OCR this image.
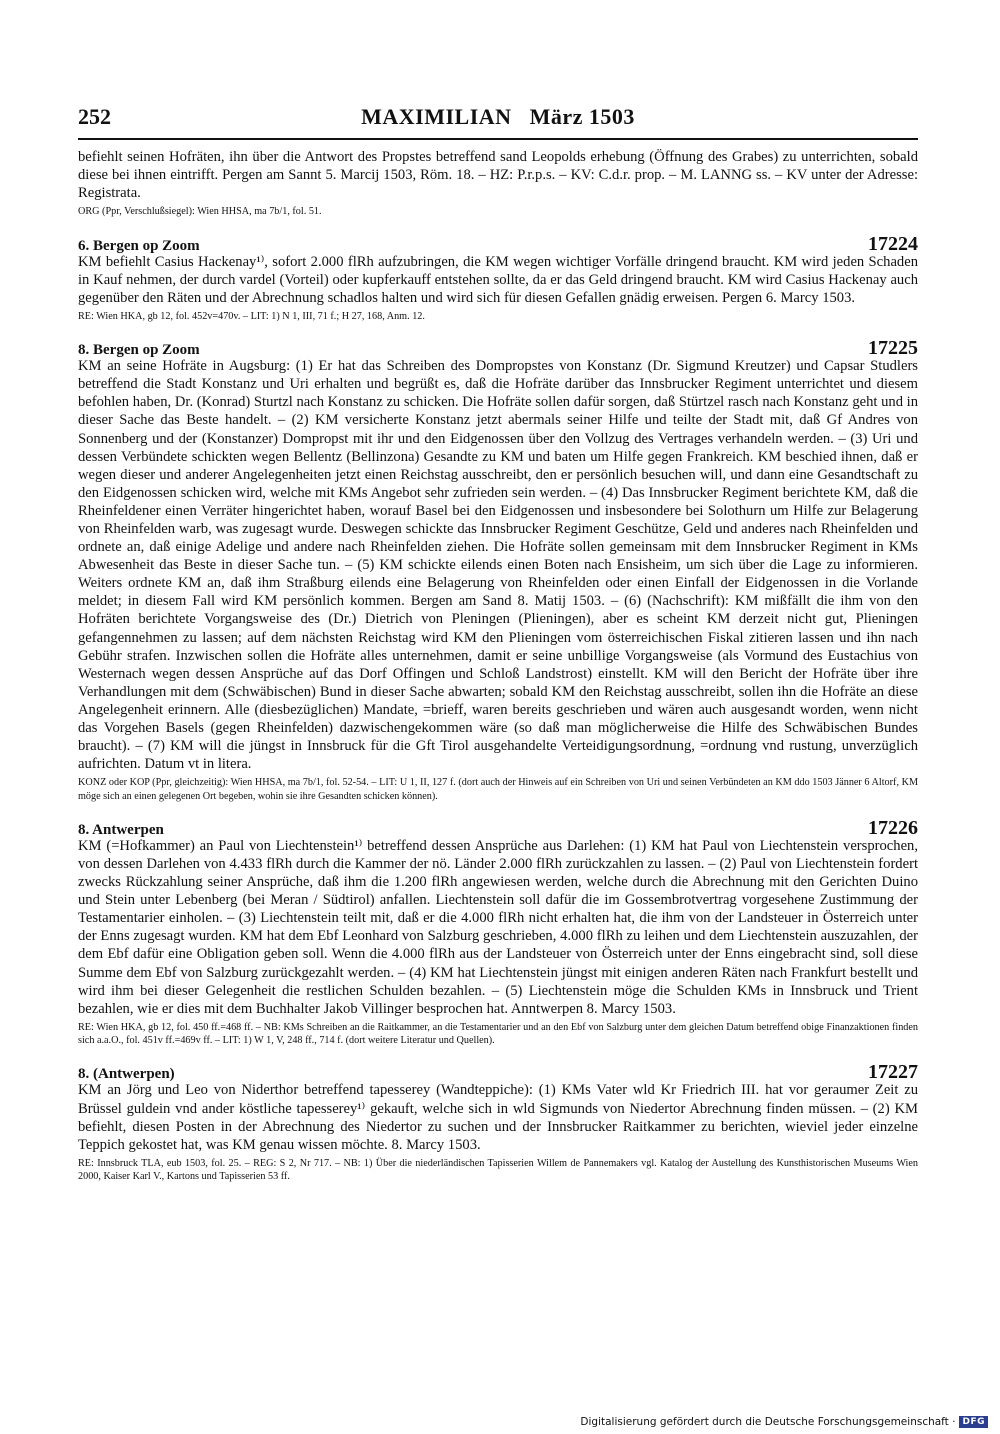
252	MAXIMILIAN   März 1503

befiehlt seinen Hofräten, ihn über die Antwort des Propstes betreffend sand Leopolds erhebung (Öffnung des Grabes) zu unterrichten, sobald diese bei ihnen eintrifft. Pergen am Sannt 5. Marcij 1503, Röm. 18. – HZ: P.r.p.s. – KV: C.d.r. prop. – M. LANNG ss. – KV unter der Adresse: Registrata.

ORG (Ppr, Verschlußsiegel): Wien HHSA, ma 7b/1, fol. 51.

6. Bergen op Zoom	17224

KM befiehlt Casius Hackenay¹⁾, sofort 2.000 flRh aufzubringen, die KM wegen wichtiger Vorfälle dringend braucht. KM wird jeden Schaden in Kauf nehmen, der durch vardel (Vorteil) oder kupferkauff entstehen sollte, da er das Geld dringend braucht. KM wird Casius Hackenay auch gegenüber den Räten und der Abrechnung schadlos halten und wird sich für diesen Gefallen gnädig erweisen. Pergen 6. Marcy 1503.

RE: Wien HKA, gb 12, fol. 452v=470v. – LIT: 1) N 1, III, 71 f.; H 27, 168, Anm. 12.

8. Bergen op Zoom	17225

KM an seine Hofräte in Augsburg: (1) Er hat das Schreiben des Dompropstes von Konstanz (Dr. Sigmund Kreutzer) und Capsar Studlers betreffend die Stadt Konstanz und Uri erhalten und begrüßt es, daß die Hofräte darüber das Innsbrucker Regiment unterrichtet und diesem befohlen haben, Dr. (Konrad) Sturtzl nach Konstanz zu schicken. Die Hofräte sollen dafür sorgen, daß Stürtzel rasch nach Konstanz geht und in dieser Sache das Beste handelt. – (2) KM versicherte Konstanz jetzt abermals seiner Hilfe und teilte der Stadt mit, daß Gf Andres von Sonnenberg und der (Konstanzer) Dompropst mit ihr und den Eidgenossen über den Vollzug des Vertrages verhandeln werden. – (3) Uri und dessen Verbündete schickten wegen Bellentz (Bellinzona) Gesandte zu KM und baten um Hilfe gegen Frankreich. KM beschied ihnen, daß er wegen dieser und anderer Angelegenheiten jetzt einen Reichstag ausschreibt, den er persönlich besuchen will, und dann eine Gesandtschaft zu den Eidgenossen schicken wird, welche mit KMs Angebot sehr zufrieden sein werden. – (4) Das Innsbrucker Regiment berichtete KM, daß die Rheinfeldener einen Verräter hingerichtet haben, worauf Basel bei den Eidgenossen und insbesondere bei Solothurn um Hilfe zur Belagerung von Rheinfelden warb, was zugesagt wurde. Deswegen schickte das Innsbrucker Regiment Geschütze, Geld und anderes nach Rheinfelden und ordnete an, daß einige Adelige und andere nach Rheinfelden ziehen. Die Hofräte sollen gemeinsam mit dem Innsbrucker Regiment in KMs Abwesenheit das Beste in dieser Sache tun. – (5) KM schickte eilends einen Boten nach Ensisheim, um sich über die Lage zu informieren. Weiters ordnete KM an, daß ihm Straßburg eilends eine Belagerung von Rheinfelden oder einen Einfall der Eidgenossen in die Vorlande meldet; in diesem Fall wird KM persönlich kommen. Bergen am Sand 8. Matij 1503. – (6) (Nachschrift): KM mißfällt die ihm von den Hofräten berichtete Vorgangsweise des (Dr.) Dietrich von Pleningen (Plieningen), aber es scheint KM derzeit nicht gut, Plieningen gefangennehmen zu lassen; auf dem nächsten Reichstag wird KM den Plieningen vom österreichischen Fiskal zitieren lassen und ihn nach Gebühr strafen. Inzwischen sollen die Hofräte alles unternehmen, damit er seine unbillige Vorgangsweise (als Vormund des Eustachius von Westernach wegen dessen Ansprüche auf das Dorf Offingen und Schloß Landstrost) einstellt. KM will den Bericht der Hofräte über ihre Verhandlungen mit dem (Schwäbischen) Bund in dieser Sache abwarten; sobald KM den Reichstag ausschreibt, sollen ihn die Hofräte an diese Angelegenheit erinnern. Alle (diesbezüglichen) Mandate, =brieff, waren bereits geschrieben und wären auch ausgesandt worden, wenn nicht das Vorgehen Basels (gegen Rheinfelden) dazwischengekommen wäre (so daß man möglicherweise die Hilfe des Schwäbischen Bundes braucht). – (7) KM will die jüngst in Innsbruck für die Gft Tirol ausgehandelte Verteidigungsordnung, =ordnung vnd rustung, unverzüglich aufrichten. Datum vt in litera.

KONZ oder KOP (Ppr, gleichzeitig): Wien HHSA, ma 7b/1, fol. 52-54. – LIT: U 1, II, 127 f. (dort auch der Hinweis auf ein Schreiben von Uri und seinen Verbündeten an KM ddo 1503 Jänner 6 Altorf, KM möge sich an einen gelegenen Ort begeben, wohin sie ihre Gesandten schicken können).

8. Antwerpen	17226

KM (=Hofkammer) an Paul von Liechtenstein¹⁾ betreffend dessen Ansprüche aus Darlehen: (1) KM hat Paul von Liechtenstein versprochen, von dessen Darlehen von 4.433 flRh durch die Kammer der nö. Länder 2.000 flRh zurückzahlen zu lassen. – (2) Paul von Liechtenstein fordert zwecks Rückzahlung seiner Ansprüche, daß ihm die 1.200 flRh angewiesen werden, welche durch die Abrechnung mit den Gerichten Duino und Stein unter Lebenberg (bei Meran / Südtirol) anfallen. Liechtenstein soll dafür die im Gossembrotvertrag vorgesehene Zustimmung der Testamentarier einholen. – (3) Liechtenstein teilt mit, daß er die 4.000 flRh nicht erhalten hat, die ihm von der Landsteuer in Österreich unter der Enns zugesagt wurden. KM hat dem Ebf Leonhard von Salzburg geschrieben, 4.000 flRh zu leihen und dem Liechtenstein auszuzahlen, der dem Ebf dafür eine Obligation geben soll. Wenn die 4.000 flRh aus der Landsteuer von Österreich unter der Enns eingebracht sind, soll diese Summe dem Ebf von Salzburg zurückgezahlt werden. – (4) KM hat Liechtenstein jüngst mit einigen anderen Räten nach Frankfurt bestellt und wird ihm bei dieser Gelegenheit die restlichen Schulden bezahlen. – (5) Liechtenstein möge die Schulden KMs in Innsbruck und Trient bezahlen, wie er dies mit dem Buchhalter Jakob Villinger besprochen hat. Anntwerpen 8. Marcy 1503.

RE: Wien HKA, gb 12, fol. 450 ff.=468 ff. – NB: KMs Schreiben an die Raitkammer, an die Testamentarier und an den Ebf von Salzburg unter dem gleichen Datum betreffend obige Finanzaktionen finden sich a.a.O., fol. 451v ff.=469v ff. – LIT: 1) W 1, V, 248 ff., 714 f. (dort weitere Literatur und Quellen).

8. (Antwerpen)	17227

KM an Jörg und Leo von Niderthor betreffend tapesserey (Wandteppiche): (1) KMs Vater wld Kr Friedrich III. hat vor geraumer Zeit zu Brüssel guldein vnd ander köstliche tapesserey¹⁾ gekauft, welche sich in wld Sigmunds von Niedertor Abrechnung finden müssen. – (2) KM befiehlt, diesen Posten in der Abrechnung des Niedertor zu suchen und der Innsbrucker Raitkammer zu berichten, wieviel jeder einzelne Teppich gekostet hat, was KM genau wissen möchte. 8. Marcy 1503.

RE: Innsbruck TLA, eub 1503, fol. 25. – REG: S 2, Nr 717. – NB: 1) Über die niederländischen Tapisserien Willem de Pannemakers vgl. Katalog der Austellung des Kunsthistorischen Museums Wien 2000, Kaiser Karl V., Kartons und Tapisserien 53 ff.

Digitalisierung gefördert durch die Deutsche Forschungsgemeinschaft · DFG
